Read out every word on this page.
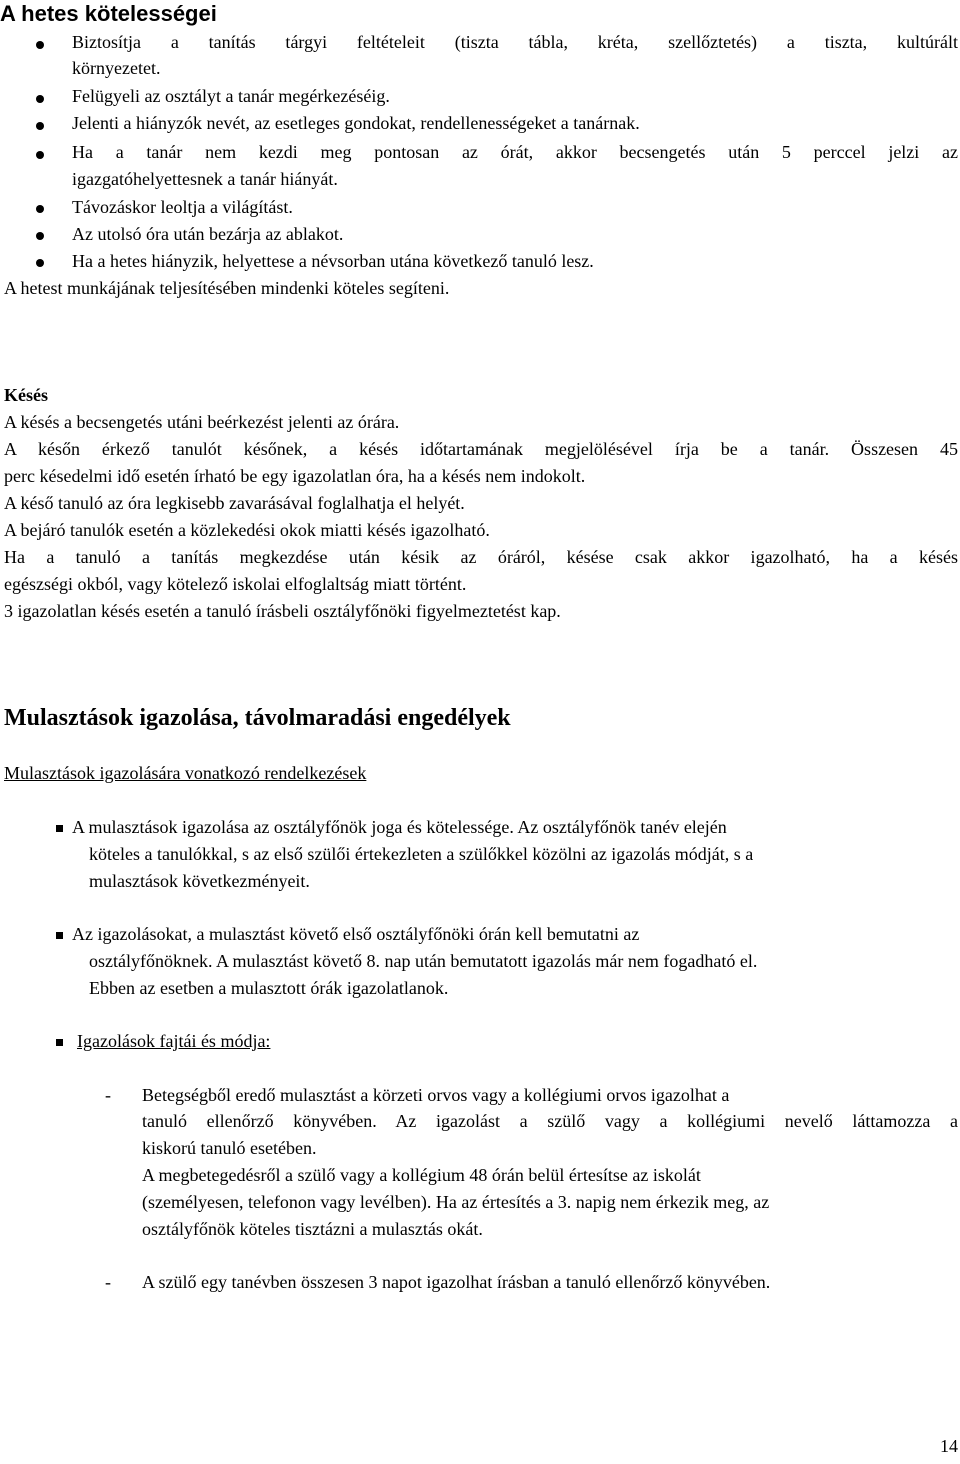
A hetes kötelességei
Biztosítja a tanítás tárgyi feltételeit (tiszta tábla, kréta, szellőztetés) a tiszta, kultúrált
környezetet.
Felügyeli az osztályt a tanár megérkezéséig.
Jelenti a hiányzók nevét, az esetleges gondokat, rendellenességeket a tanárnak.
Ha a tanár nem kezdi meg pontosan az órát, akkor becsengetés után 5 perccel jelzi az
igazgatóhelyettesnek a tanár hiányát.
Távozáskor leoltja a világítást.
Az utolsó óra után bezárja az ablakot.
Ha a hetes hiányzik, helyettese a névsorban utána következő tanuló lesz.
A hetest munkájának teljesítésében mindenki köteles segíteni.
Késés
A késés a becsengetés utáni beérkezést jelenti az órára.
A későn érkező tanulót későnek, a késés időtartamának megjelölésével írja be a tanár. Összesen 45
perc késedelmi idő esetén írható be egy igazolatlan óra, ha a késés nem indokolt.
A késő tanuló az óra legkisebb zavarásával foglalhatja el helyét.
A bejáró tanulók esetén a közlekedési okok miatti késés igazolható.
Ha a tanuló a tanítás megkezdése után késik az óráról, késése csak akkor igazolható, ha a késés
egészségi okból, vagy kötelező iskolai elfoglaltság miatt történt.
3 igazolatlan késés esetén a tanuló írásbeli osztályfőnöki figyelmeztetést kap.
Mulasztások igazolása, távolmaradási engedélyek
Mulasztások igazolására vonatkozó rendelkezések
A mulasztások igazolása az osztályfőnök joga és kötelessége. Az osztályfőnök tanév elején
köteles a tanulókkal, s az első szülői értekezleten a szülőkkel közölni az igazolás módját, s a
mulasztások következményeit.
Az igazolásokat, a mulasztást követő első osztályfőnöki órán kell bemutatni az
osztályfőnöknek. A mulasztást követő 8. nap után bemutatott igazolás már nem fogadható el.
Ebben az esetben a mulasztott órák igazolatlanok.
Igazolások fajtái és módja:
- Betegségből eredő mulasztást a körzeti orvos vagy a kollégiumi orvos igazolhat a
tanuló ellenőrző könyvében. Az igazolást a szülő vagy a kollégiumi nevelő láttamozza a
kiskorú tanuló esetében.
A megbetegedésről a szülő vagy a kollégium 48 órán belül értesítse az iskolát
(személyesen, telefonon vagy levélben). Ha az értesítés a 3. napig nem érkezik meg, az
osztályfőnök köteles tisztázni a mulasztás okát.
- A szülő egy tanévben összesen 3 napot igazolhat írásban a tanuló ellenőrző könyvében.
14
